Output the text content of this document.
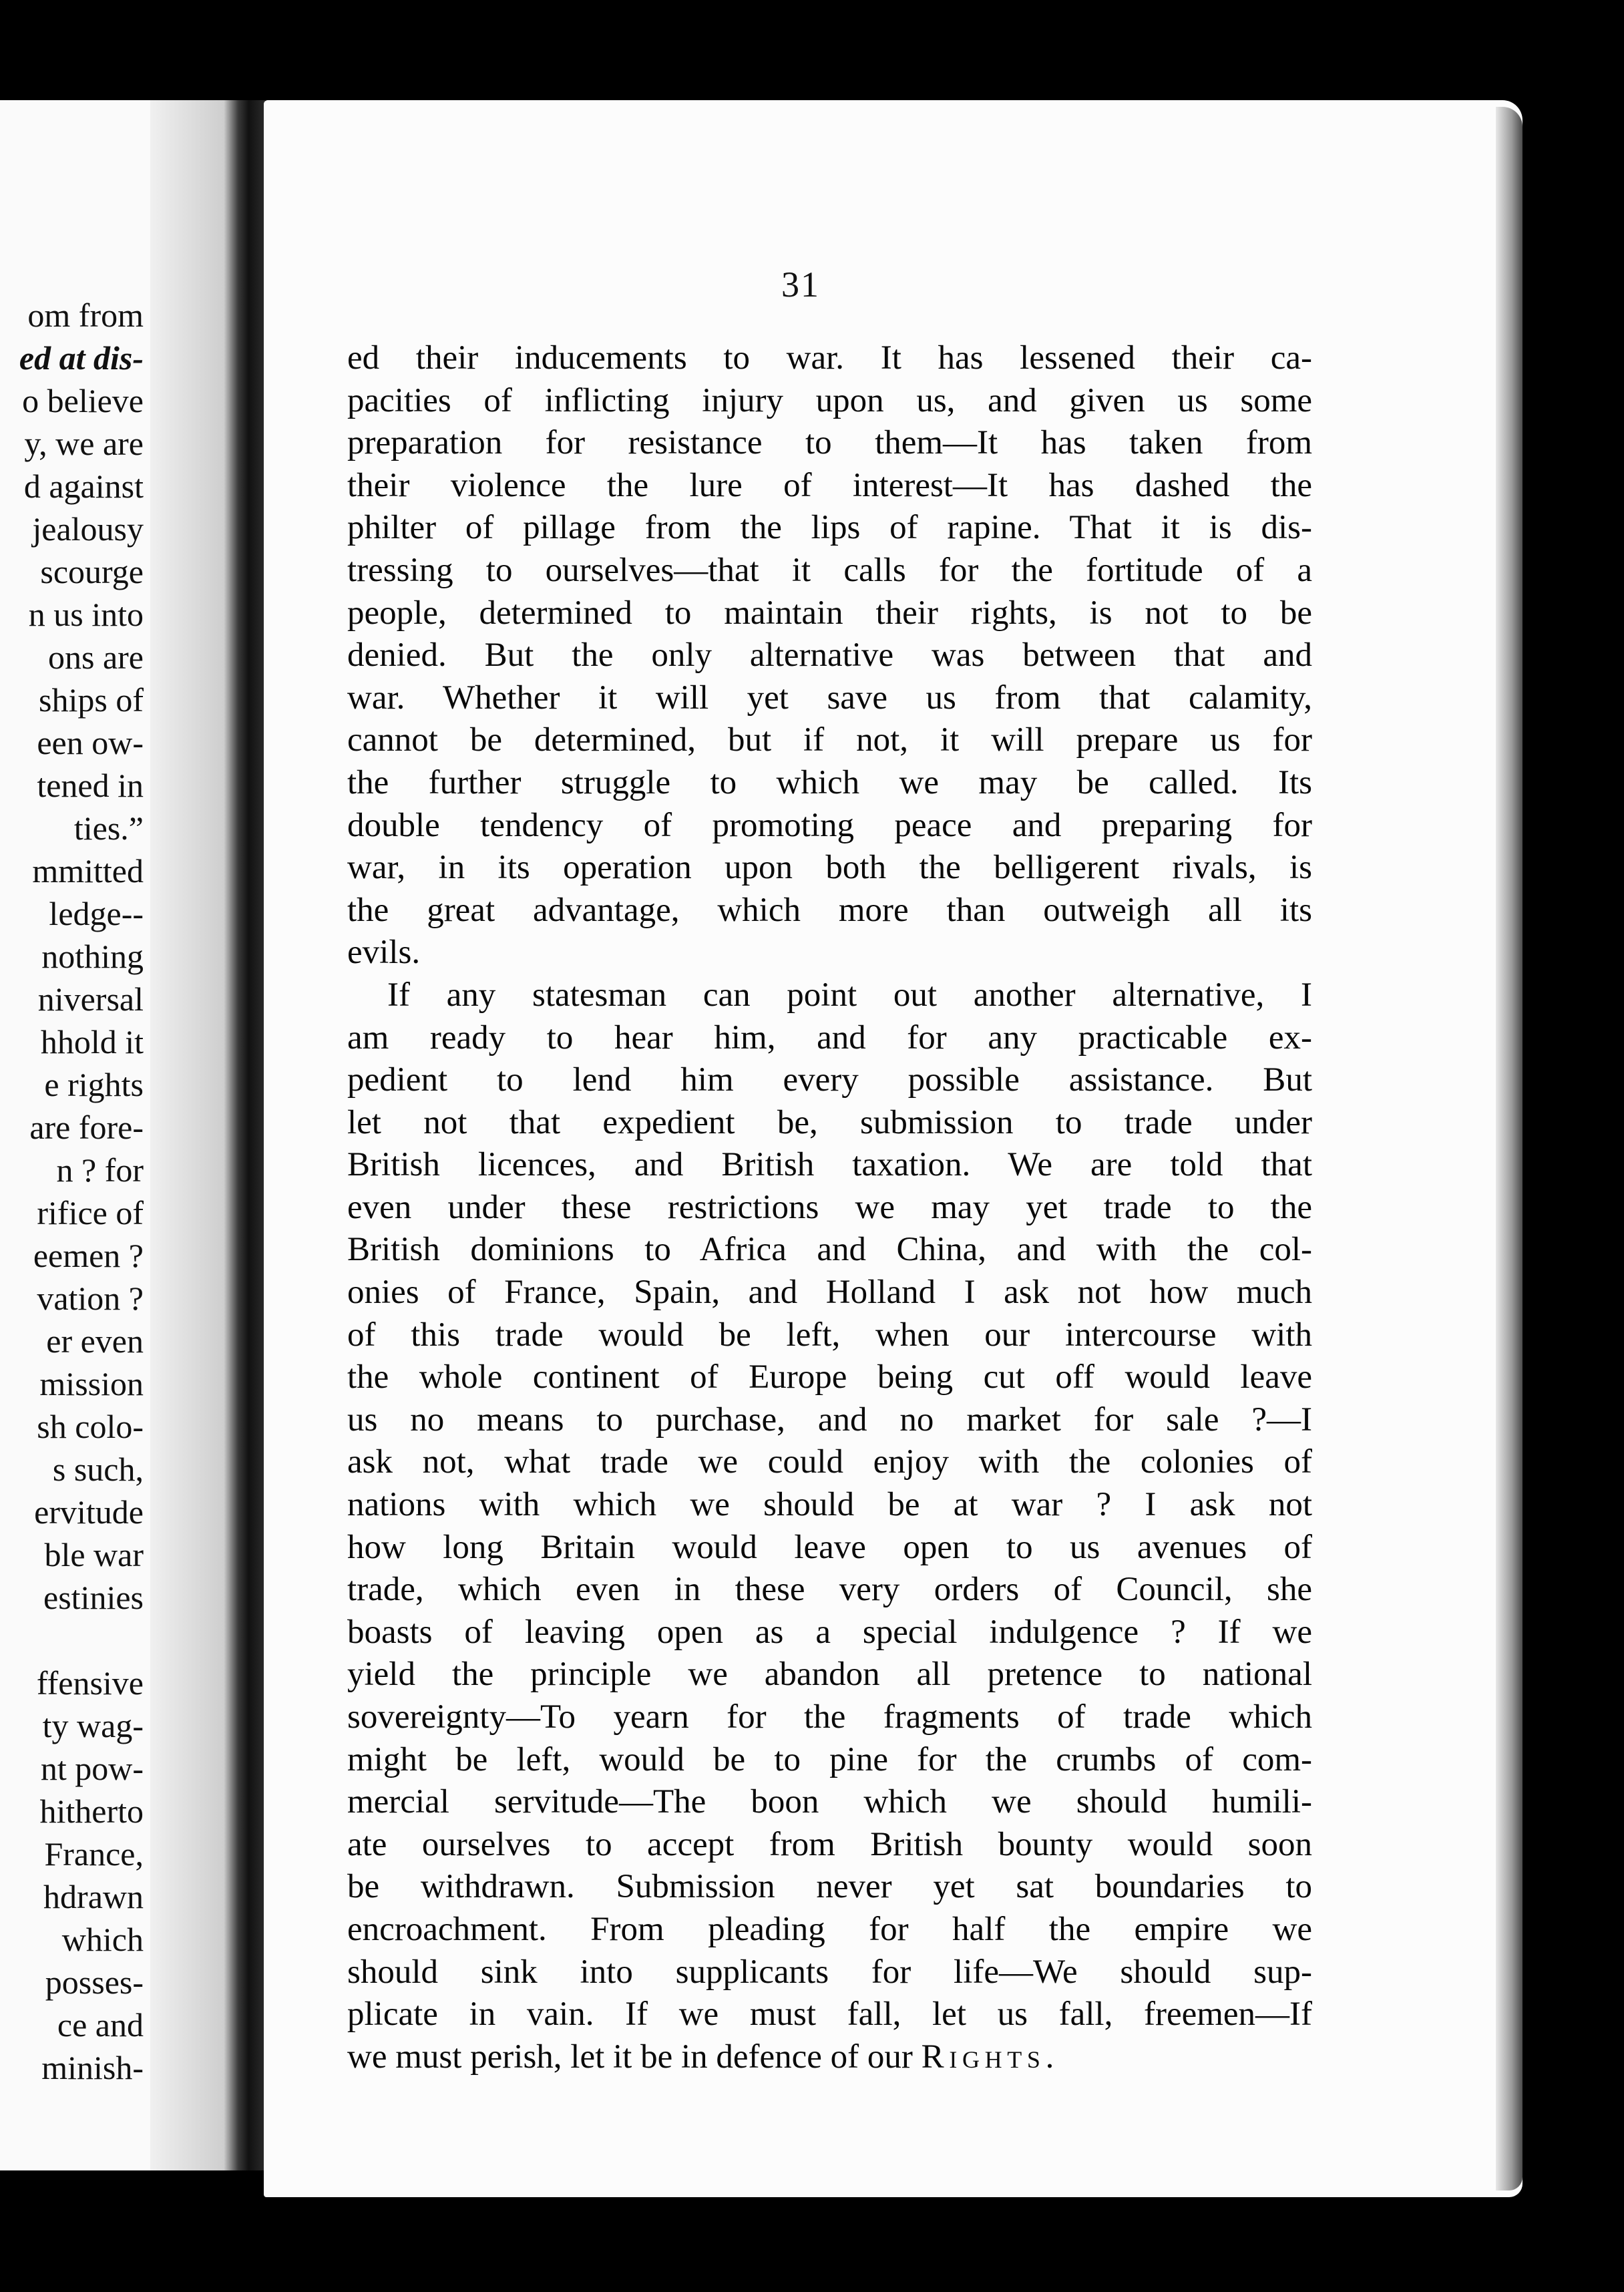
om from
ed at dis-
o believe
y, we are
d against
jealousy
scourge
n us into
ons are
ships of
een ow-
tened in
ties.”
mmitted
ledge--
nothing
niversal
hhold it
e rights
are fore-
n ? for
rifice of
eemen ?
vation ?
er even
mission
sh colo-
s such,
ervitude
ble war
estinies

ffensive
ty wag-
nt pow-
hitherto
France,
hdrawn
which
posses-
ce and
minish-
31
ed their inducements to war. It has lessened their ca-
pacities of inflicting injury upon us, and given us some
preparation for resistance to them—It has taken from
their violence the lure of interest—It has dashed the
philter of pillage from the lips of rapine. That it is dis-
tressing to ourselves—that it calls for the fortitude of a
people, determined to maintain their rights, is not to be
denied. But the only alternative was between that and
war. Whether it will yet save us from that calamity,
cannot be determined, but if not, it will prepare us for
the further struggle to which we may be called. Its
double tendency of promoting peace and preparing for
war, in its operation upon both the belligerent rivals, is
the great advantage, which more than outweigh all its
evils.
If any statesman can point out another alternative, I
am ready to hear him, and for any practicable ex-
pedient to lend him every possible assistance. But
let not that expedient be, submission to trade under
British licences, and British taxation. We are told that
even under these restrictions we may yet trade to the
British dominions to Africa and China, and with the col-
onies of France, Spain, and Holland I ask not how much
of this trade would be left, when our intercourse with
the whole continent of Europe being cut off would leave
us no means to purchase, and no market for sale ?—I
ask not, what trade we could enjoy with the colonies of
nations with which we should be at war ? I ask not
how long Britain would leave open to us avenues of
trade, which even in these very orders of Council, she
boasts of leaving open as a special indulgence ? If we
yield the principle we abandon all pretence to national
sovereignty—To yearn for the fragments of trade which
might be left, would be to pine for the crumbs of com-
mercial servitude—The boon which we should humili-
ate ourselves to accept from British bounty would soon
be withdrawn. Submission never yet sat boundaries to
encroachment. From pleading for half the empire we
should sink into supplicants for life—We should sup-
plicate in vain. If we must fall, let us fall, freemen—If
we must perish, let it be in defence of our Rights.
